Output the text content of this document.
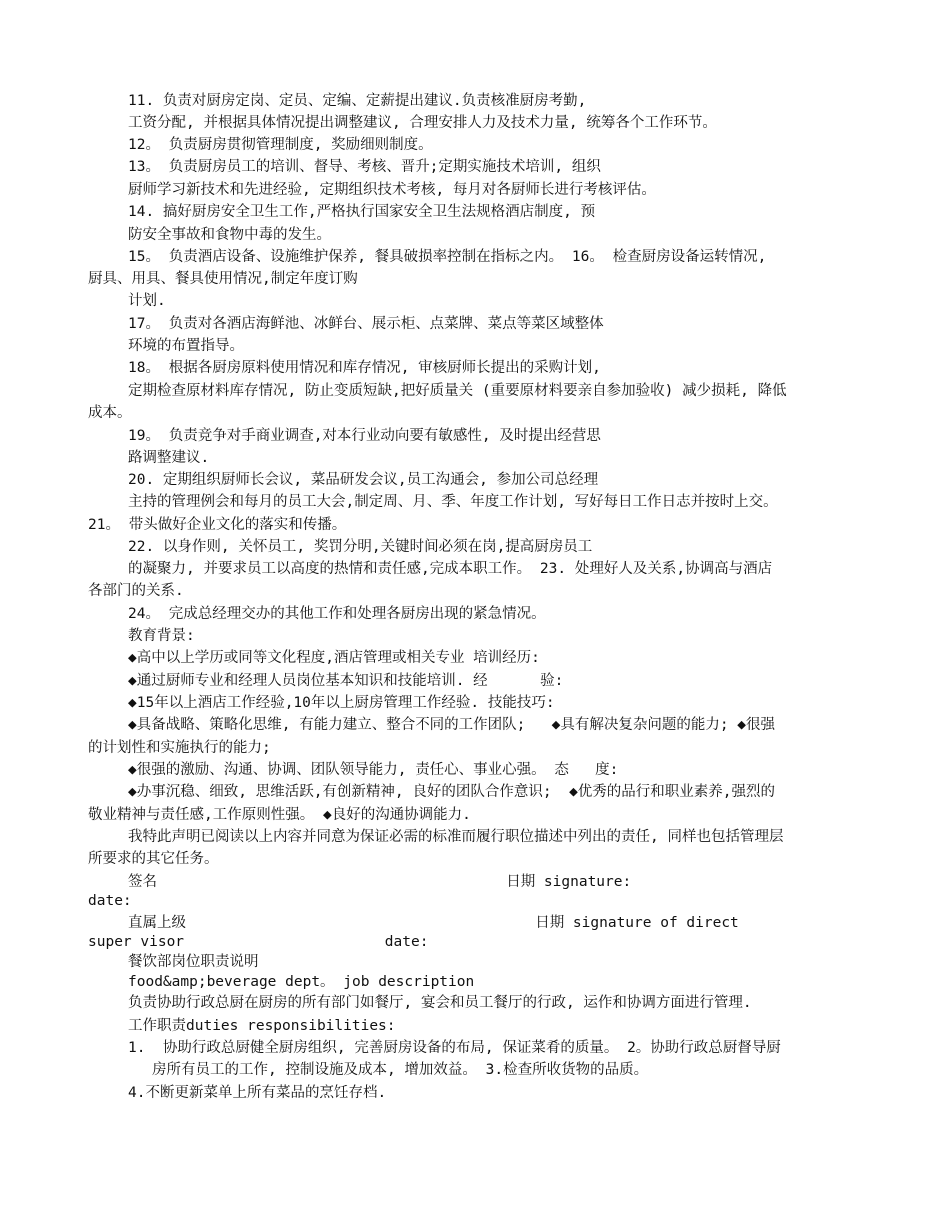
11. 负责对厨房定岗、定员、定编、定薪提出建议.负责核准厨房考勤,
工资分配, 并根据具体情况提出调整建议, 合理安排人力及技术力量, 统筹各个工作环节。
12。 负责厨房贯彻管理制度, 奖励细则制度。
13。 负责厨房员工的培训、督导、考核、晋升;定期实施技术培训, 组织
厨师学习新技术和先进经验, 定期组织技术考核, 每月对各厨师长进行考核评估。
14. 搞好厨房安全卫生工作,严格执行国家安全卫生法规格酒店制度, 预
防安全事故和食物中毒的发生。
15。 负责酒店设备、设施维护保养, 餐具破损率控制在指标之内。 16。 检查厨房设备运转情况,
厨具、用具、餐具使用情况,制定年度订购
计划.
17。 负责对各酒店海鲜池、冰鲜台、展示柜、点菜牌、菜点等菜区域整体
环境的布置指导。
18。 根据各厨房原料使用情况和库存情况, 审核厨师长提出的采购计划,
定期检查原材料库存情况, 防止变质短缺,把好质量关 (重要原材料要亲自参加验收) 减少损耗, 降低
成本。
19。 负责竞争对手商业调查,对本行业动向要有敏感性, 及时提出经营思
路调整建议.
20. 定期组织厨师长会议, 菜品研发会议,员工沟通会, 参加公司总经理
主持的管理例会和每月的员工大会,制定周、月、季、年度工作计划, 写好每日工作日志并按时上交。
21。 带头做好企业文化的落实和传播。
22. 以身作则, 关怀员工, 奖罚分明,关键时间必须在岗,提高厨房员工
的凝聚力, 并要求员工以高度的热情和责任感,完成本职工作。 23. 处理好人及关系,协调高与酒店
各部门的关系.
24。 完成总经理交办的其他工作和处理各厨房出现的紧急情况。
教育背景:
◆高中以上学历或同等文化程度,酒店管理或相关专业 培训经历:
◆通过厨师专业和经理人员岗位基本知识和技能培训. 经      验:
◆15年以上酒店工作经验,10年以上厨房管理工作经验. 技能技巧:
◆具备战略、策略化思维, 有能力建立、整合不同的工作团队;   ◆具有解决复杂问题的能力; ◆很强
的计划性和实施执行的能力;
◆很强的激励、沟通、协调、团队领导能力, 责任心、事业心强。 态   度:
◆办事沉稳、细致, 思维活跃,有创新精神, 良好的团队合作意识;  ◆优秀的品行和职业素养,强烈的
敬业精神与责任感,工作原则性强。 ◆良好的沟通协调能力.
我特此声明已阅读以上内容并同意为保证必需的标准而履行职位描述中列出的责任, 同样也包括管理层
所要求的其它任务。
签名                                        日期 signature:
date:
直属上级                                        日期 signature of direct
super visor                       date:
餐饮部岗位职责说明
food&amp;beverage dept。 job description
负责协助行政总厨在厨房的所有部门如餐厅, 宴会和员工餐厅的行政, 运作和协调方面进行管理.
工作职责duties responsibilities:
1.  协助行政总厨健全厨房组织, 完善厨房设备的布局, 保证菜肴的质量。 2。协助行政总厨督导厨
房所有员工的工作, 控制设施及成本, 增加效益。 3.检查所收货物的品质。
4.不断更新菜单上所有菜品的烹饪存档.
